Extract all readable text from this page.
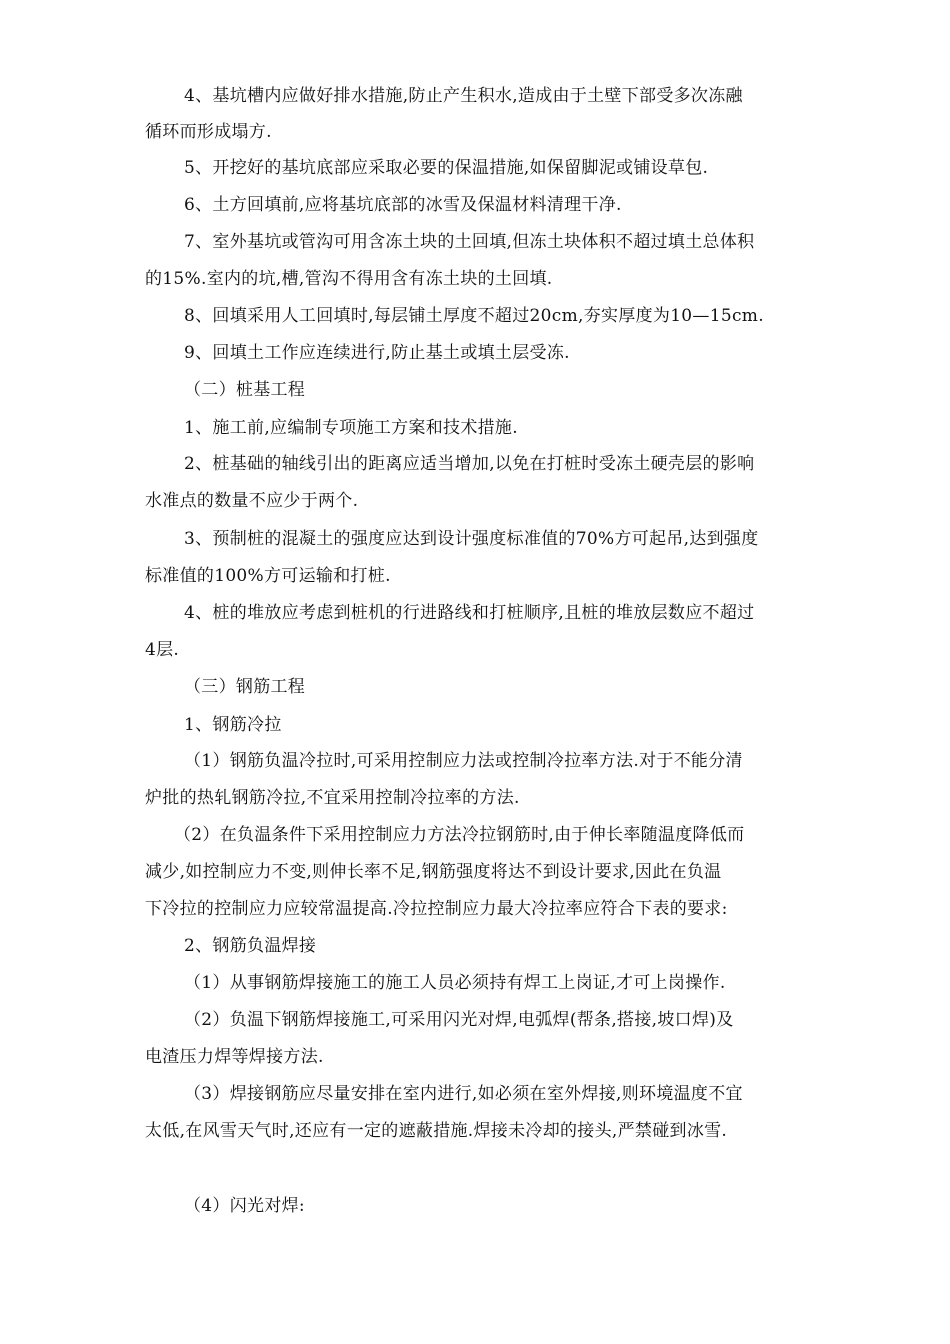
4、基坑槽内应做好排水措施,防止产生积水,造成由于土壁下部受多次冻融
循环而形成塌方.
5、开挖好的基坑底部应采取必要的保温措施,如保留脚泥或铺设草包.
6、土方回填前,应将基坑底部的冰雪及保温材料清理干净.
7、室外基坑或管沟可用含冻土块的土回填,但冻土块体积不超过填土总体积
的15%.室内的坑,槽,管沟不得用含有冻土块的土回填.
8、回填采用人工回填时,每层铺土厚度不超过20cm,夯实厚度为10—15cm.
9、回填土工作应连续进行,防止基土或填土层受冻.
（二）桩基工程
1、施工前,应编制专项施工方案和技术措施.
2、桩基础的轴线引出的距离应适当增加,以免在打桩时受冻土硬壳层的影响
水准点的数量不应少于两个.
3、预制桩的混凝土的强度应达到设计强度标准值的70%方可起吊,达到强度
标准值的100%方可运输和打桩.
4、桩的堆放应考虑到桩机的行进路线和打桩顺序,且桩的堆放层数应不超过
4层.
（三）钢筋工程
1、钢筋冷拉
（1）钢筋负温冷拉时,可采用控制应力法或控制冷拉率方法.对于不能分清
炉批的热轧钢筋冷拉,不宜采用控制冷拉率的方法.
（2）在负温条件下采用控制应力方法冷拉钢筋时,由于伸长率随温度降低而
减少,如控制应力不变,则伸长率不足,钢筋强度将达不到设计要求,因此在负温
下冷拉的控制应力应较常温提高.冷拉控制应力最大冷拉率应符合下表的要求:
2、钢筋负温焊接
（1）从事钢筋焊接施工的施工人员必须持有焊工上岗证,才可上岗操作.
（2）负温下钢筋焊接施工,可采用闪光对焊,电弧焊(帮条,搭接,坡口焊)及
电渣压力焊等焊接方法.
（3）焊接钢筋应尽量安排在室内进行,如必须在室外焊接,则环境温度不宜
太低,在风雪天气时,还应有一定的遮蔽措施.焊接未冷却的接头,严禁碰到冰雪.
（4）闪光对焊:
